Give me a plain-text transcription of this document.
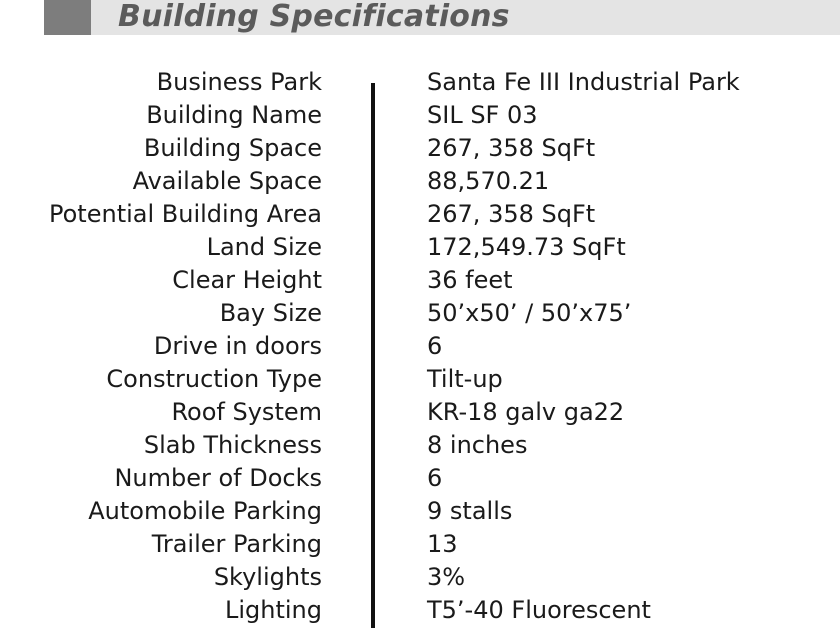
Building Specifications
Business Park	Santa Fe III Industrial Park
Building Name	SIL SF 03
Building Space	267, 358 SqFt
Available Space	88,570.21
Potential Building Area	267, 358 SqFt
Land Size	172,549.73 SqFt
Clear Height	36 feet
Bay Size	50’x50’ / 50’x75’
Drive in doors	6
Construction Type	Tilt-up
Roof System	KR-18 galv ga22
Slab Thickness	8 inches
Number of Docks	6
Automobile Parking	9 stalls
Trailer Parking	13
Skylights	3%
Lighting	T5’-40 Fluorescent
